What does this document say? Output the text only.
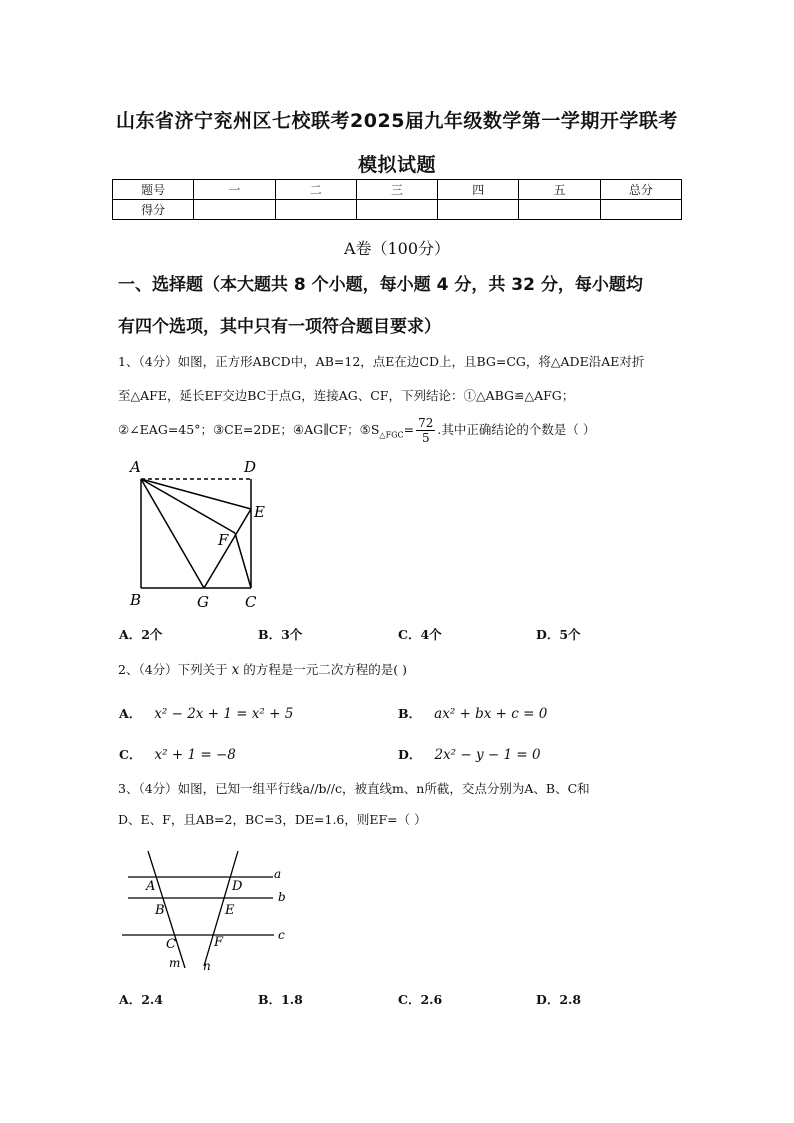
山东省济宁兖州区七校联考2025届九年级数学第一学期开学联考
模拟试题
题号	一	二	三	四	五	总分
得分						
A卷（100分）
一、选择题（本大题共 8 个小题，每小题 4 分，共 32 分，每小题均
有四个选项，其中只有一项符合题目要求）
1、（4分）如图，正方形ABCD中，AB=12，点E在边CD上，且BG=CG，将△ADE沿AE对折
至△AFE，延长EF交边BC于点G，连接AG、CF，下列结论：①△ABG≌△AFG；
②∠EAG=45°；③CE=2DE；④AG∥CF；$⑤S_{\triangle FGC}= \frac{72}{5}$ .其中正确结论的个数是（ ）
A	D
E
F
B	G C
A．2个	B．3个	C．4个	D．5个
2、（4分）下列关于 x 的方程是一元二次方程的是( )
A． x² − 2x + 1 = x² + 5	B． ax² + bx + c = 0
C． x² + 1 = −8	D． 2x² − y − 1 = 0
3、（4分）如图，已知一组平行线a//b//c，被直线m、n所截，交点分别为A、B、C和
D、E、F，且AB=2，BC=3，DE=1.6，则EF=（ ）
a
b
c
m n
A
B
C
D
E
F
A．2.4	B．1.8	C．2.6	D．2.8
